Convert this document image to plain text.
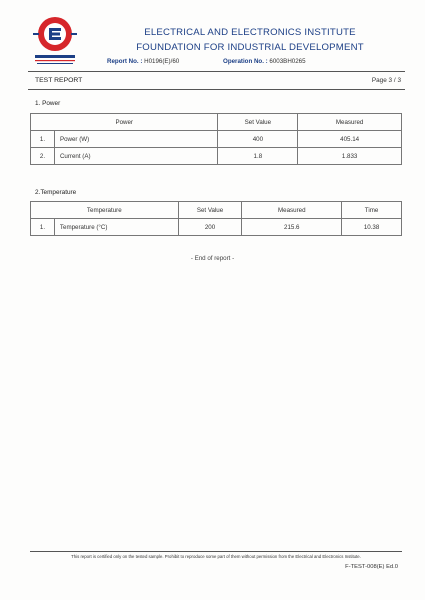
ELECTRICAL AND ELECTRONICS INSTITUTE
FOUNDATION FOR INDUSTRIAL DEVELOPMENT
Report No. : H0196(E)/60	Operation No. : 6003BH0265
TEST REPORT	Page 3 / 3
1. Power
Power		Set Value	Measured
1.	Power (W)	400	405.14
2.	Current (A)	1.8	1.833
2.Temperature
Temperature		Set Value	Measured	Time
1.	Temperature (°C)	200	215.6	10.38
- End of report -
This report is certified only on the tested sample. Prohibit to reproduce some part of them without permission from the Electrical and Electronics Institute.
F-TEST-008(E) Ed.0
